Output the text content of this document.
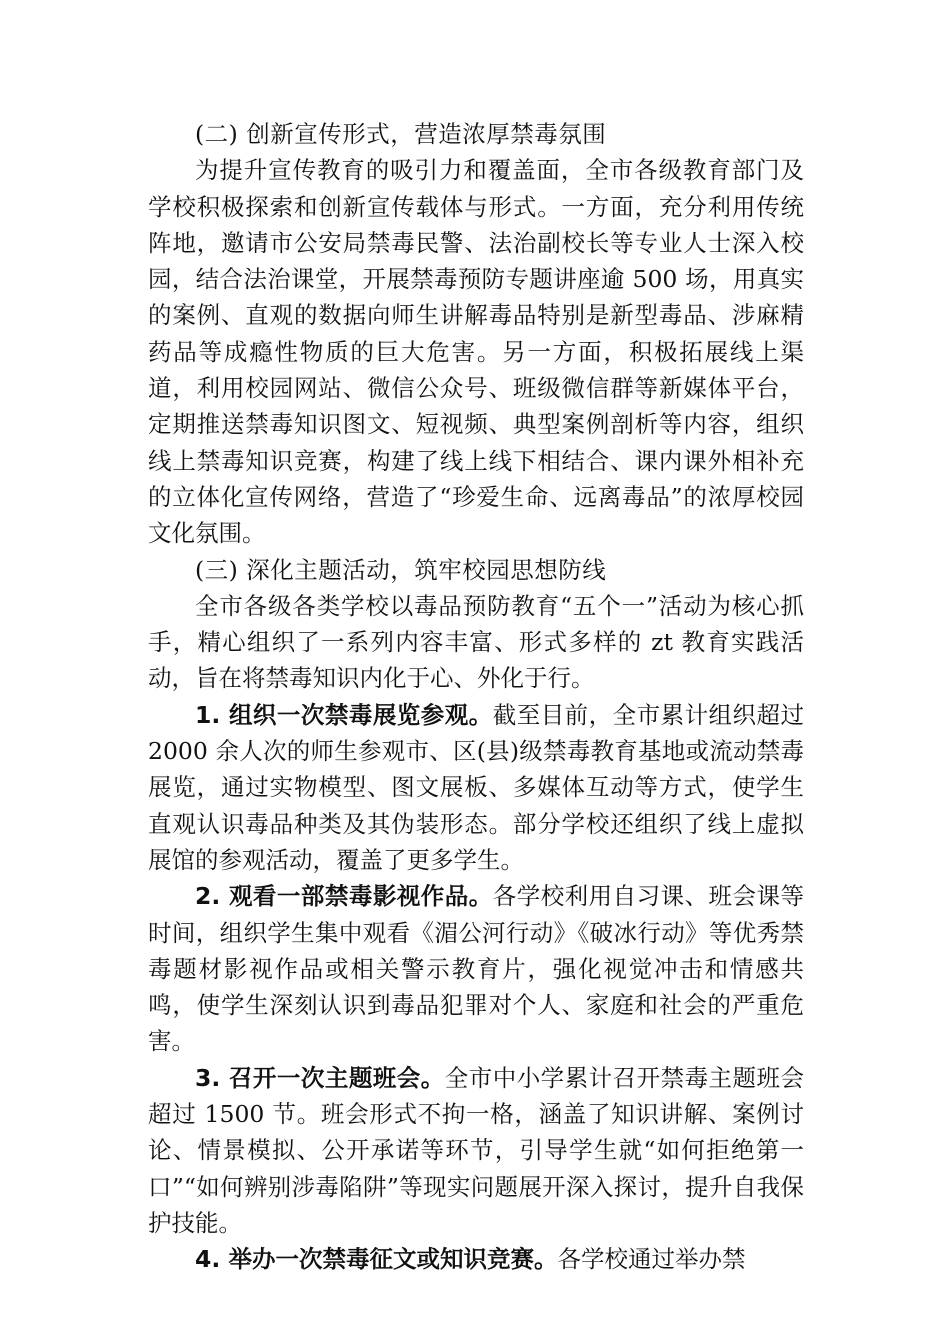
(二) 创新宣传形式，营造浓厚禁毒氛围

为提升宣传教育的吸引力和覆盖面，全市各级教育部门及学校积极探索和创新宣传载体与形式。一方面，充分利用传统阵地，邀请市公安局禁毒民警、法治副校长等专业人士深入校园，结合法治课堂，开展禁毒预防专题讲座逾 500 场，用真实的案例、直观的数据向师生讲解毒品特别是新型毒品、涉麻精药品等成瘾性物质的巨大危害。另一方面，积极拓展线上渠道，利用校园网站、微信公众号、班级微信群等新媒体平台，定期推送禁毒知识图文、短视频、典型案例剖析等内容，组织线上禁毒知识竞赛，构建了线上线下相结合、课内课外相补充的立体化宣传网络，营造了“珍爱生命、远离毒品”的浓厚校园文化氛围。

(三) 深化主题活动，筑牢校园思想防线

全市各级各类学校以毒品预防教育“五个一”活动为核心抓手，精心组织了一系列内容丰富、形式多样的 zt 教育实践活动，旨在将禁毒知识内化于心、外化于行。

1. 组织一次禁毒展览参观。截至目前，全市累计组织超过 2000 余人次的师生参观市、区(县)级禁毒教育基地或流动禁毒展览，通过实物模型、图文展板、多媒体互动等方式，使学生直观认识毒品种类及其伪装形态。部分学校还组织了线上虚拟展馆的参观活动，覆盖了更多学生。

2. 观看一部禁毒影视作品。各学校利用自习课、班会课等时间，组织学生集中观看《湄公河行动》《破冰行动》等优秀禁毒题材影视作品或相关警示教育片，强化视觉冲击和情感共鸣，使学生深刻认识到毒品犯罪对个人、家庭和社会的严重危害。

3. 召开一次主题班会。全市中小学累计召开禁毒主题班会超过 1500 节。班会形式不拘一格，涵盖了知识讲解、案例讨论、情景模拟、公开承诺等环节，引导学生就“如何拒绝第一口”“如何辨别涉毒陷阱”等现实问题展开深入探讨，提升自我保护技能。

4. 举办一次禁毒征文或知识竞赛。各学校通过举办禁
